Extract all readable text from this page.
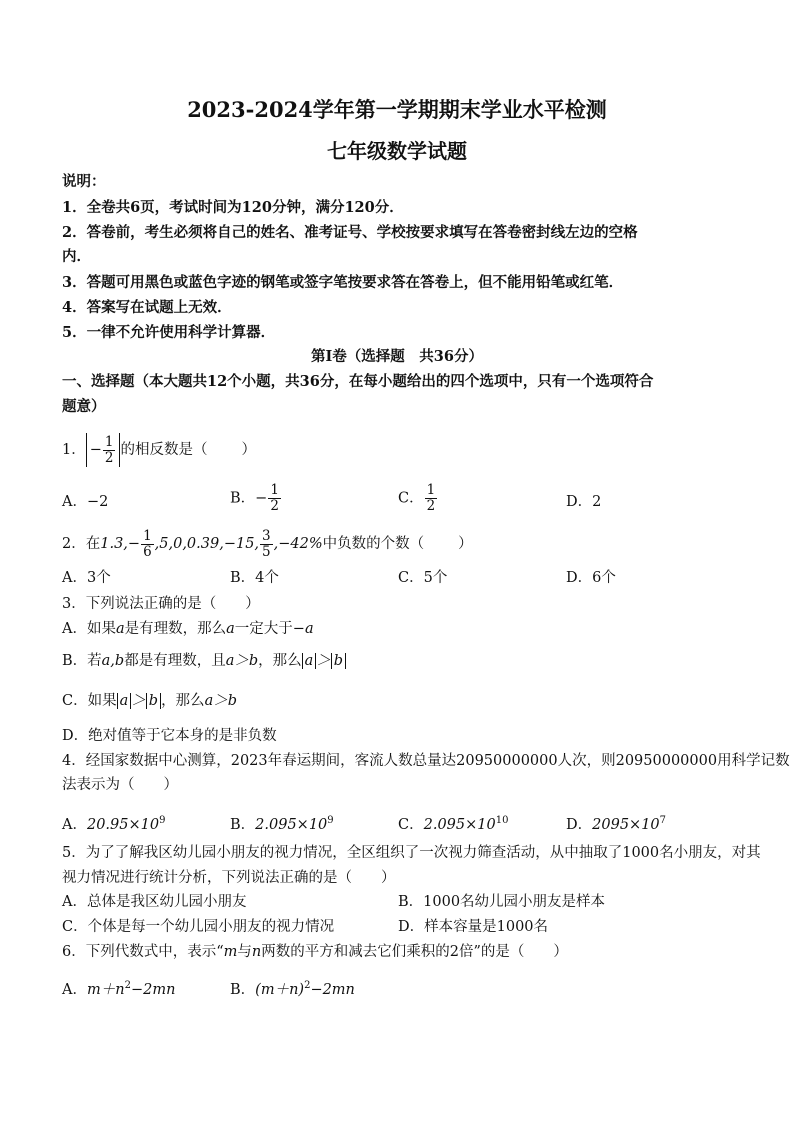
2023-2024学年第一学期期末学业水平检测
七年级数学试题
说明：
1．全卷共6页，考试时间为120分钟，满分120分．
2．答卷前，考生必须将自己的姓名、准考证号、学校按要求填写在答卷密封线左边的空格
内．
3．答题可用黑色或蓝色字迹的钢笔或签字笔按要求答在答卷上，但不能用铅笔或红笔．
4．答案写在试题上无效．
5．一律不允许使用科学计算器．
第Ⅰ卷（选择题　共36分）
一、选择题（本大题共12个小题，共36分，在每小题给出的四个选项中，只有一个选项符合
题意）
1． − $\frac{1}{2}$ 的相反数是（ ）
A．−2	B．− $\frac{1}{2}$	C． $\frac{1}{2}$	D．2
2．在$1.3,- \frac{1}{6} ,5,0,0.39,-15$, $\frac{3}{5} ,-42\%$中负数的个数（ ）
A．3个	B．4个	C．5个	D．6个
3．下列说法正确的是（　　）
A．如果a是有理数，那么a一定大于−a
B．若a,b都是有理数，且a＞b，那么 a ＞ b
C．如果 a ＞ b ，那么a＞b
D．绝对值等于它本身的是非负数
4．经国家数据中心测算，2023年春运期间，客流人数总量达20950000000人次，则20950000000用科学记数
法表示为（　　）
A．$20.95\times 10^9$	B．$2.095\times 10^9$	C．$2.095\times 10^{10}$	D．$2095\times 10^7$
5．为了了解我区幼儿园小朋友的视力情况，全区组织了一次视力筛查活动，从中抽取了1000名小朋友，对其
视力情况进行统计分析，下列说法正确的是（　　）
A．总体是我区幼儿园小朋友	B．1000名幼儿园小朋友是样本
C．个体是每一个幼儿园小朋友的视力情况	D．样本容量是1000名
6．下列代数式中，表示“m与n两数的平方和减去它们乘积的2倍”的是（　　）
A．$m+n^2-2mn$	B．$(m+n)^2-2mn$
